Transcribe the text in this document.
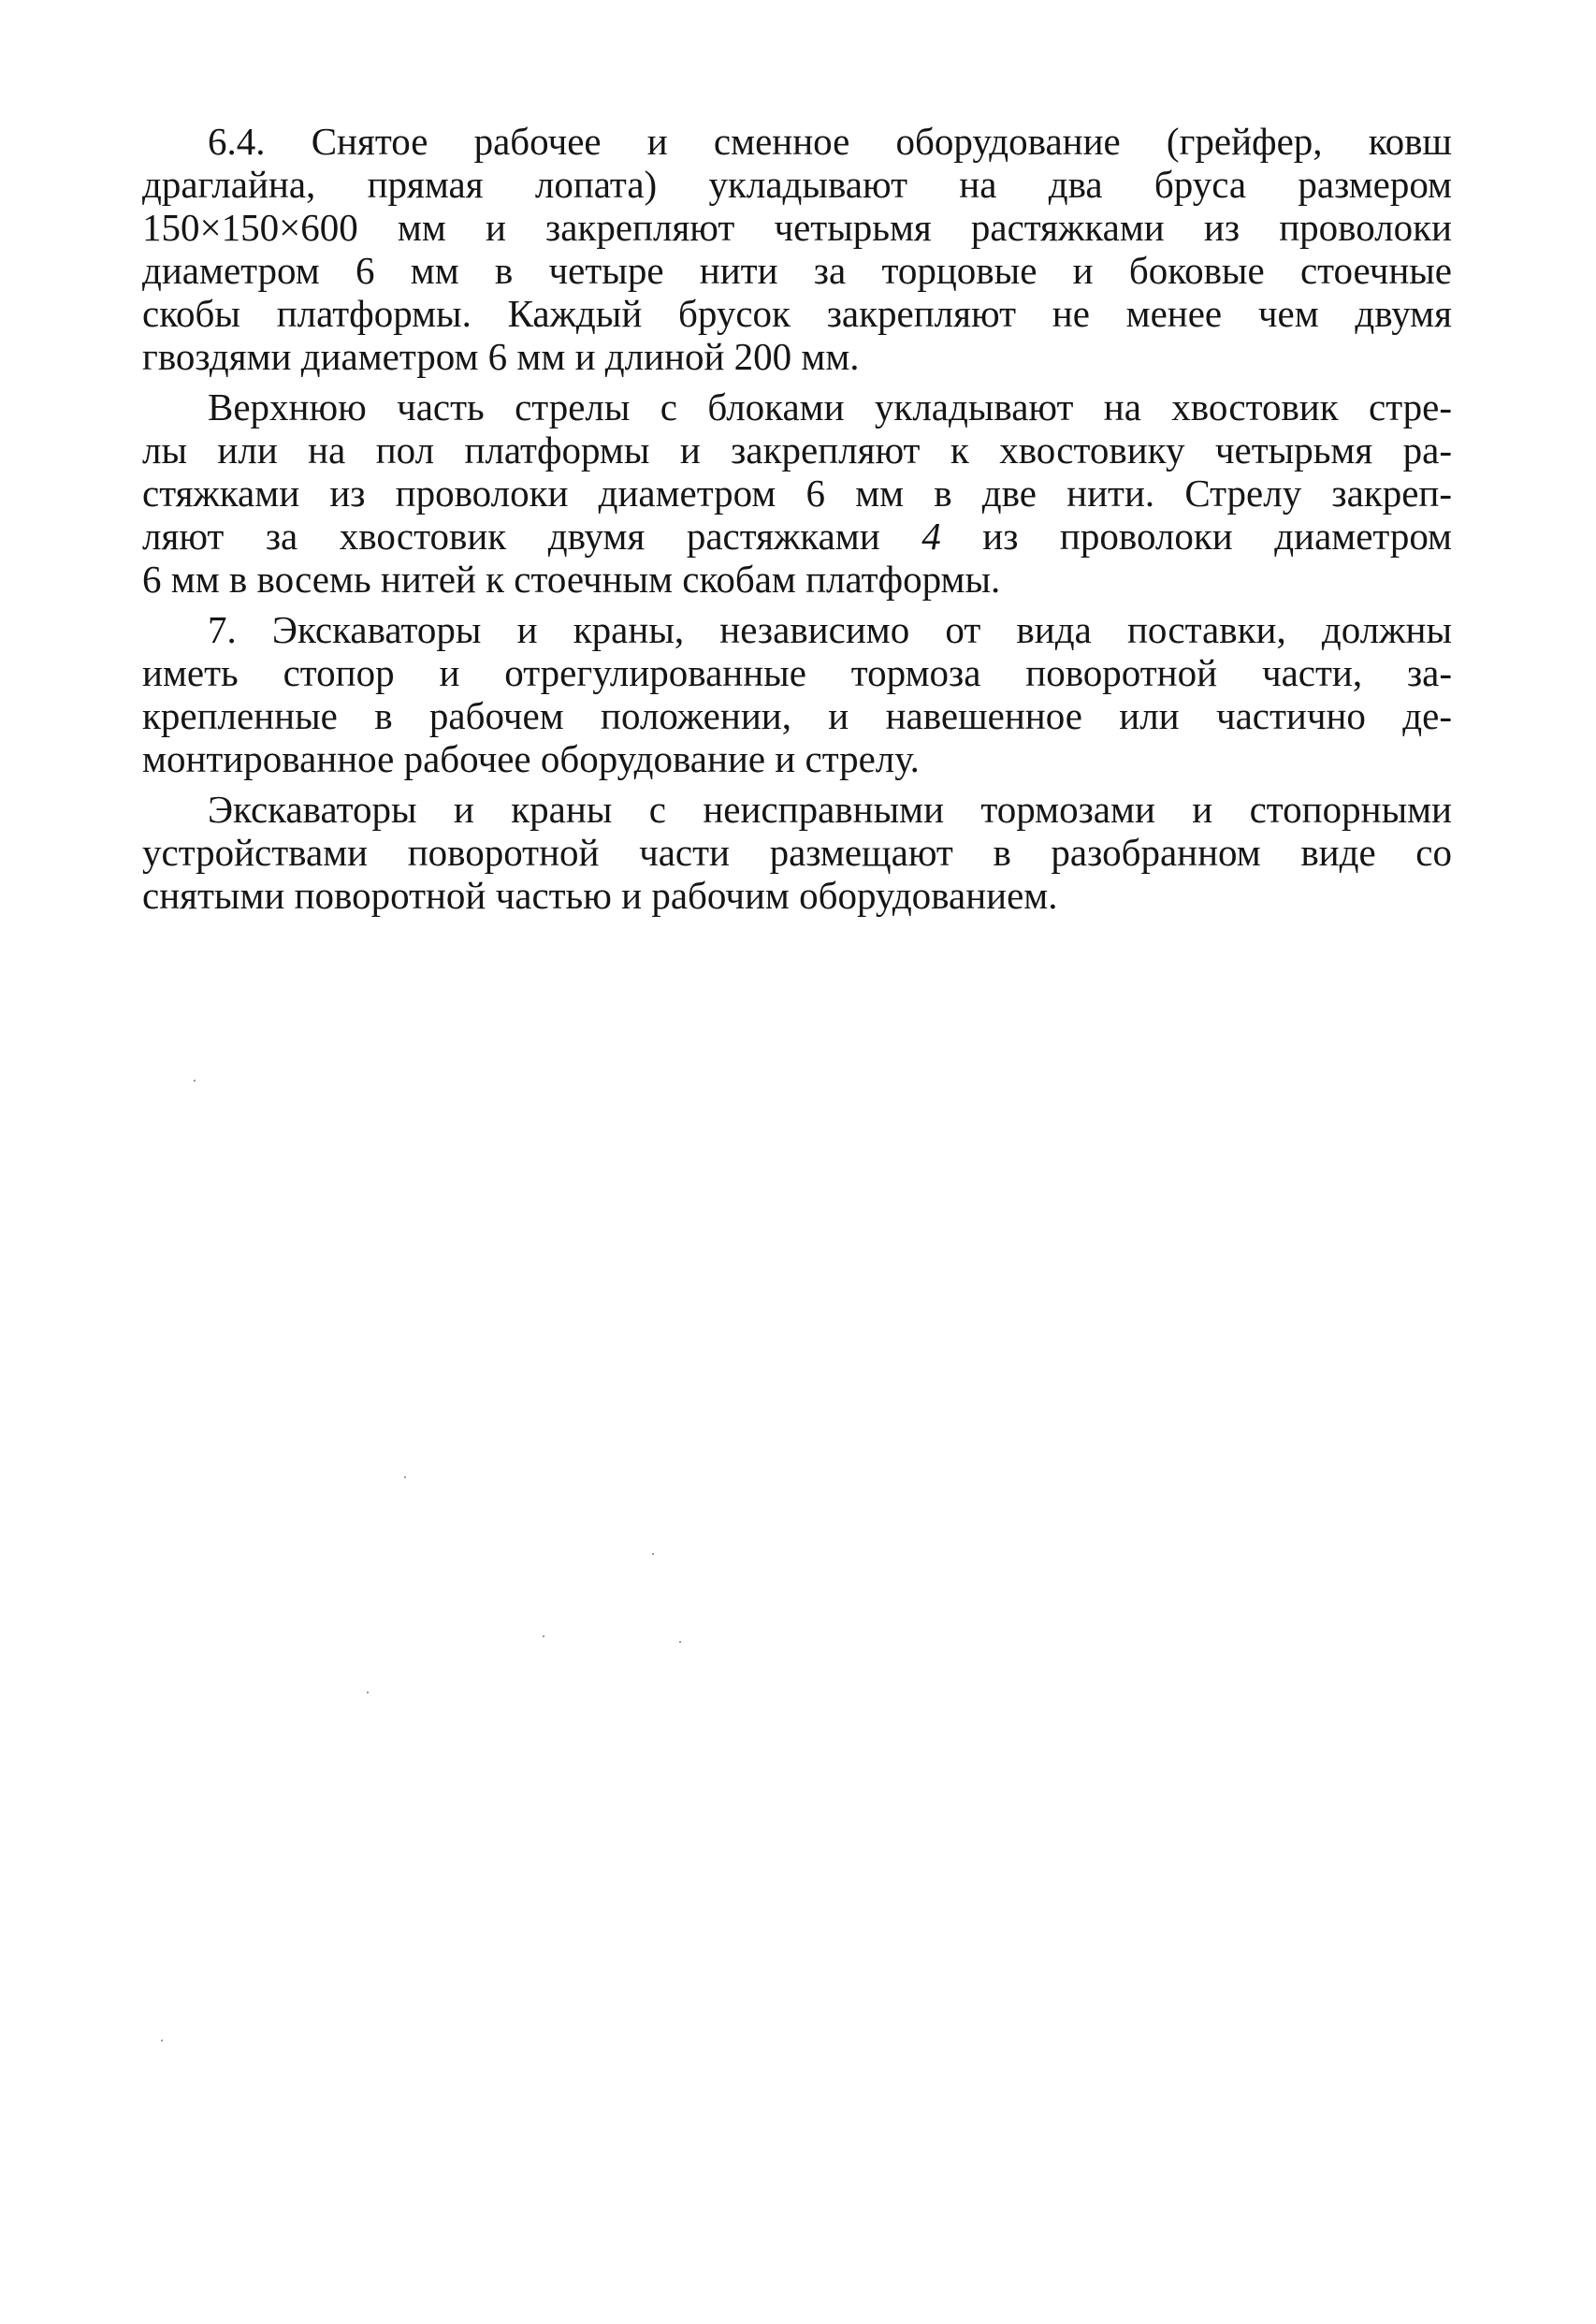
6.4. Снятое рабочее и сменное оборудование (грейфер, ковш
драглайна, прямая лопата) укладывают на два бруса размером
150×150×600 мм и закрепляют четырьмя растяжками из проволоки
диаметром 6 мм в четыре нити за торцовые и боковые стоечные
скобы платформы. Каждый брусок закрепляют не менее чем двумя
гвоздями диаметром 6 мм и длиной 200 мм.

Верхнюю часть стрелы с блоками укладывают на хвостовик стре-
лы или на пол платформы и закрепляют к хвостовику четырьмя ра-
стяжками из проволоки диаметром 6 мм в две нити. Стрелу закреп-
ляют за хвостовик двумя растяжками 4 из проволоки диаметром
6 мм в восемь нитей к стоечным скобам платформы.

7. Экскаваторы и краны, независимо от вида поставки, должны
иметь стопор и отрегулированные тормоза поворотной части, за-
крепленные в рабочем положении, и навешенное или частично де-
монтированное рабочее оборудование и стрелу.

Экскаваторы и краны с неисправными тормозами и стопорными
устройствами поворотной части размещают в разобранном виде со
снятыми поворотной частью и рабочим оборудованием.
